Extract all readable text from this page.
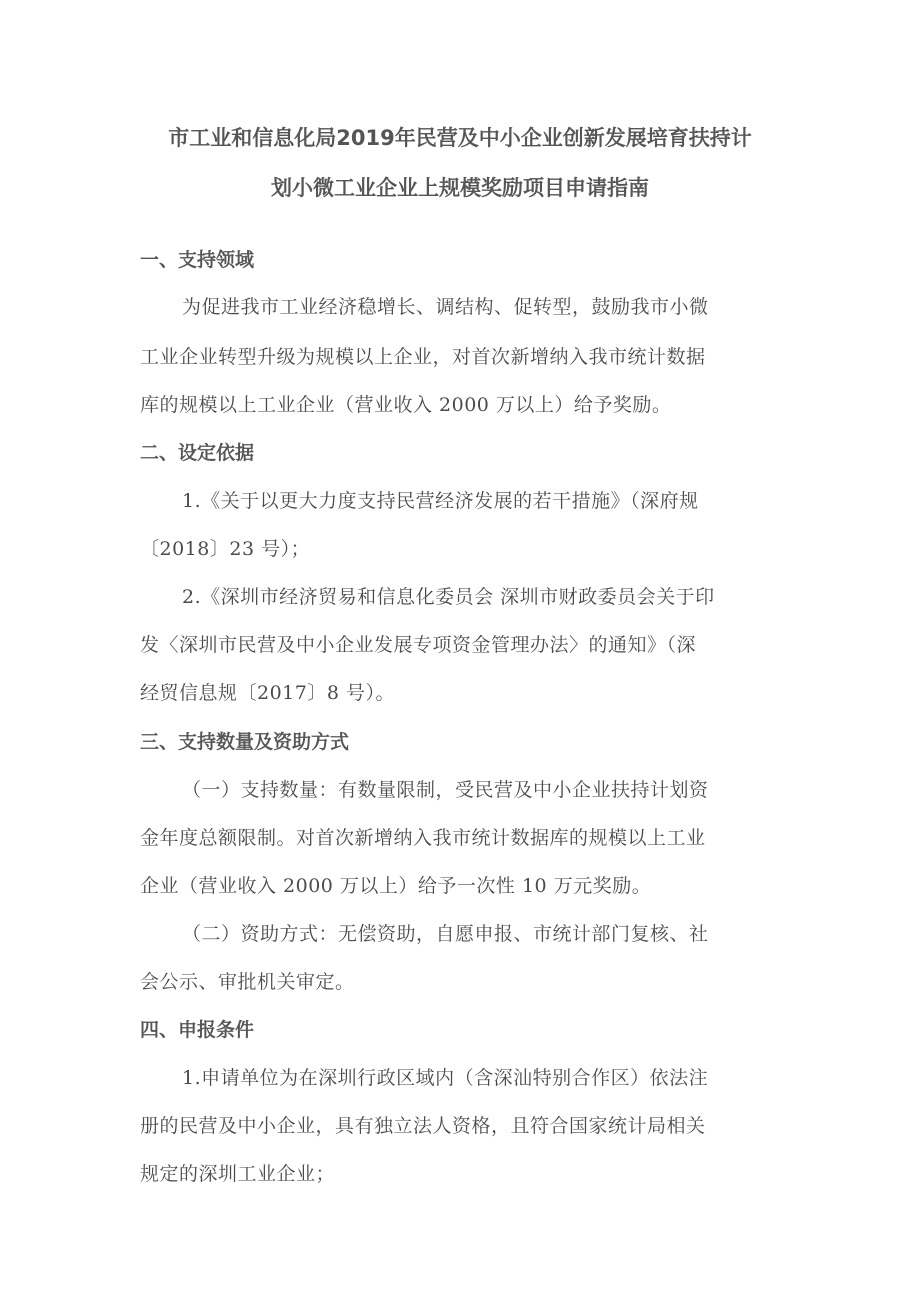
市工业和信息化局2019年民营及中小企业创新发展培育扶持计
划小微工业企业上规模奖励项目申请指南
一、支持领域

为促进我市工业经济稳增长、调结构、促转型，鼓励我市小微

工业企业转型升级为规模以上企业，对首次新增纳入我市统计数据

库的规模以上工业企业（营业收入 2000 万以上）给予奖励。

二、设定依据

1.《关于以更大力度支持民营经济发展的若干措施》（深府规

〔2018〕23 号）；

2.《深圳市经济贸易和信息化委员会 深圳市财政委员会关于印

发〈深圳市民营及中小企业发展专项资金管理办法〉的通知》（深

经贸信息规〔2017〕8 号）。

三、支持数量及资助方式

（一）支持数量：有数量限制，受民营及中小企业扶持计划资

金年度总额限制。对首次新增纳入我市统计数据库的规模以上工业

企业（营业收入 2000 万以上）给予一次性 10 万元奖励。

（二）资助方式：无偿资助，自愿申报、市统计部门复核、社

会公示、审批机关审定。

四、申报条件

1.申请单位为在深圳行政区域内（含深汕特别合作区）依法注

册的民营及中小企业，具有独立法人资格，且符合国家统计局相关

规定的深圳工业企业；
